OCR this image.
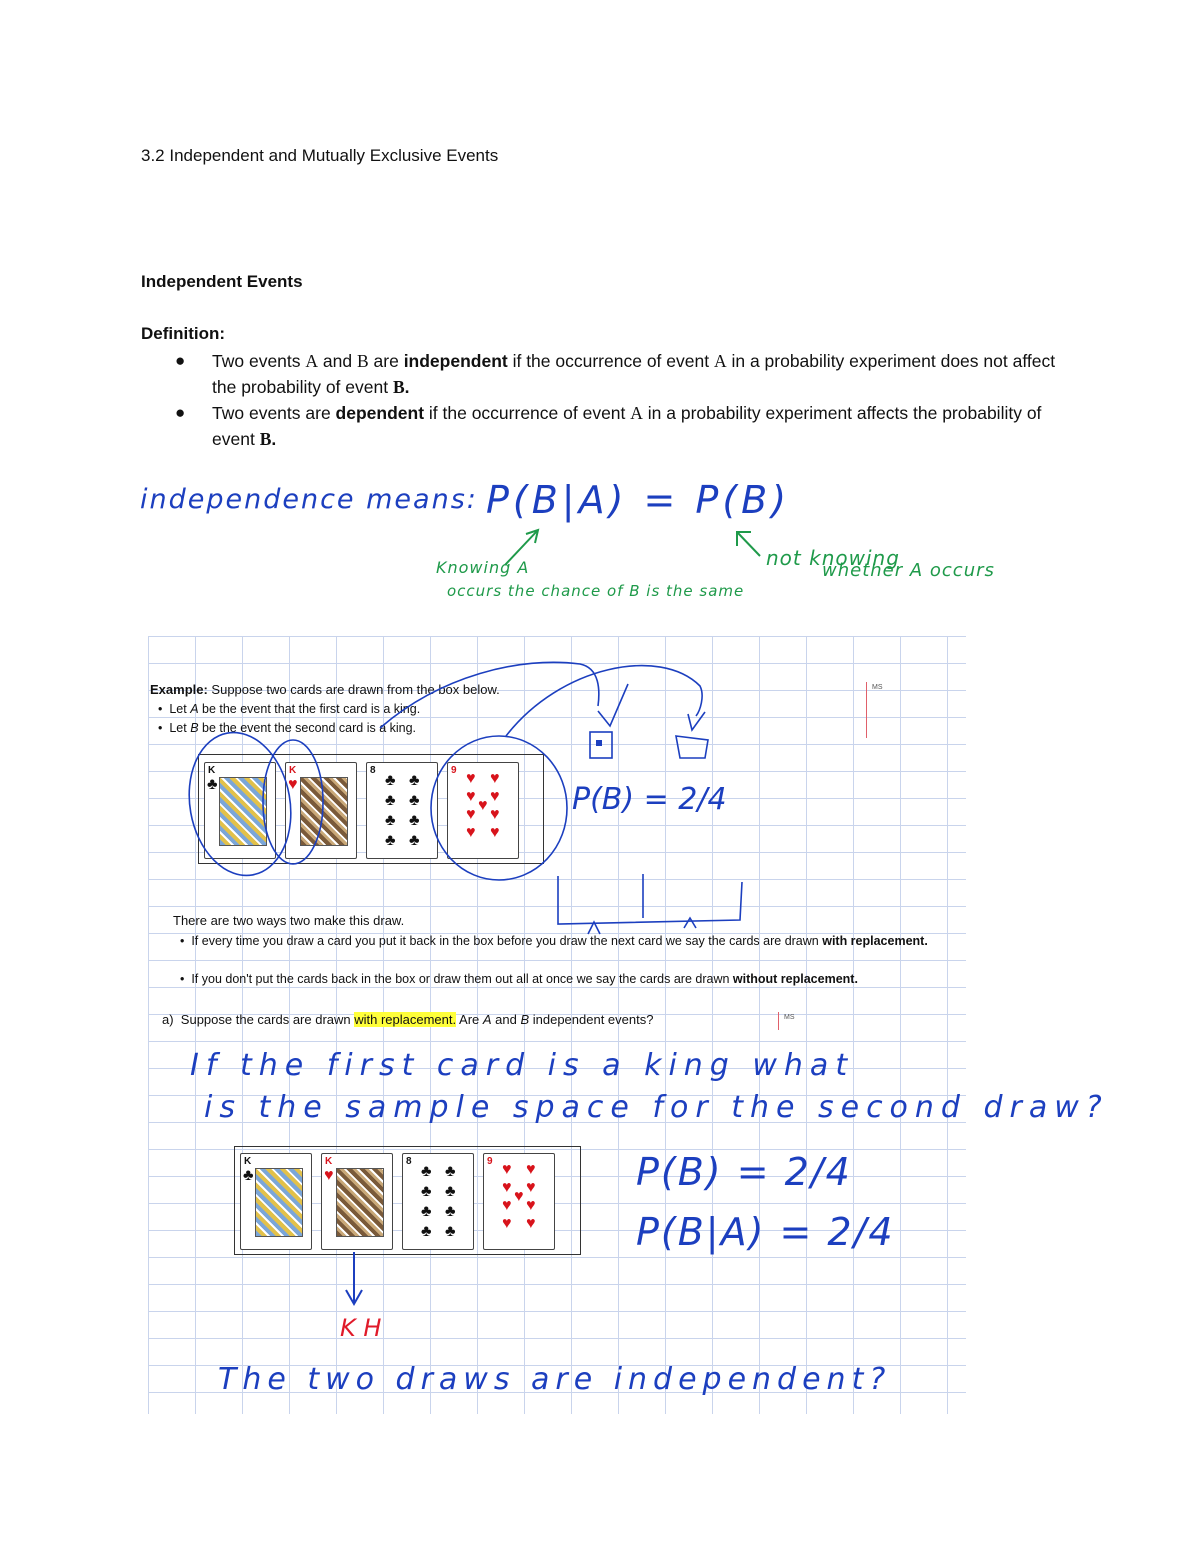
3.2 Independent and Mutually Exclusive Events
Independent Events
Definition:
● Two events A and B are independent if the occurrence of event A in a probability experiment does not affect the probability of event B.
● Two events are dependent if the occurrence of event A in a probability experiment affects the probability of event B.
independence means: P(B|A) = P(B)
Knowing A
occurs the chance of B is the same
not knowing
whether A occurs
Example: Suppose two cards are drawn from the box below.
•  Let A be the event that the first card is a king.
•  Let B be the event the second card is a king.
MS
K
♣
K
♥
8
♣ ♣
♣ ♣
♣ ♣
♣ ♣
9 ♥ ♥
♥ ♥
♥ ♥
♥ ♥
♥
K
♣
K
♥
8
♣ ♣
♣ ♣
♣ ♣
♣ ♣
9 ♥ ♥
♥ ♥
♥ ♥
♥ ♥
♥
P(B) = 2/4
There are two ways two make this draw.
•  If every time you draw a card you put it back in the box before you draw the next card we say the cards are drawn with replacement.
•  If you don't put the cards back in the box or draw them out all at once we say the cards are drawn without replacement.
a) Suppose the cards are drawn with replacement. Are A and B independent events?	MS
If the first card is a king what
is the sample space for the second draw?
P(B) = 2/4
P(B|A) = 2/4
K H
The two draws are independent?
